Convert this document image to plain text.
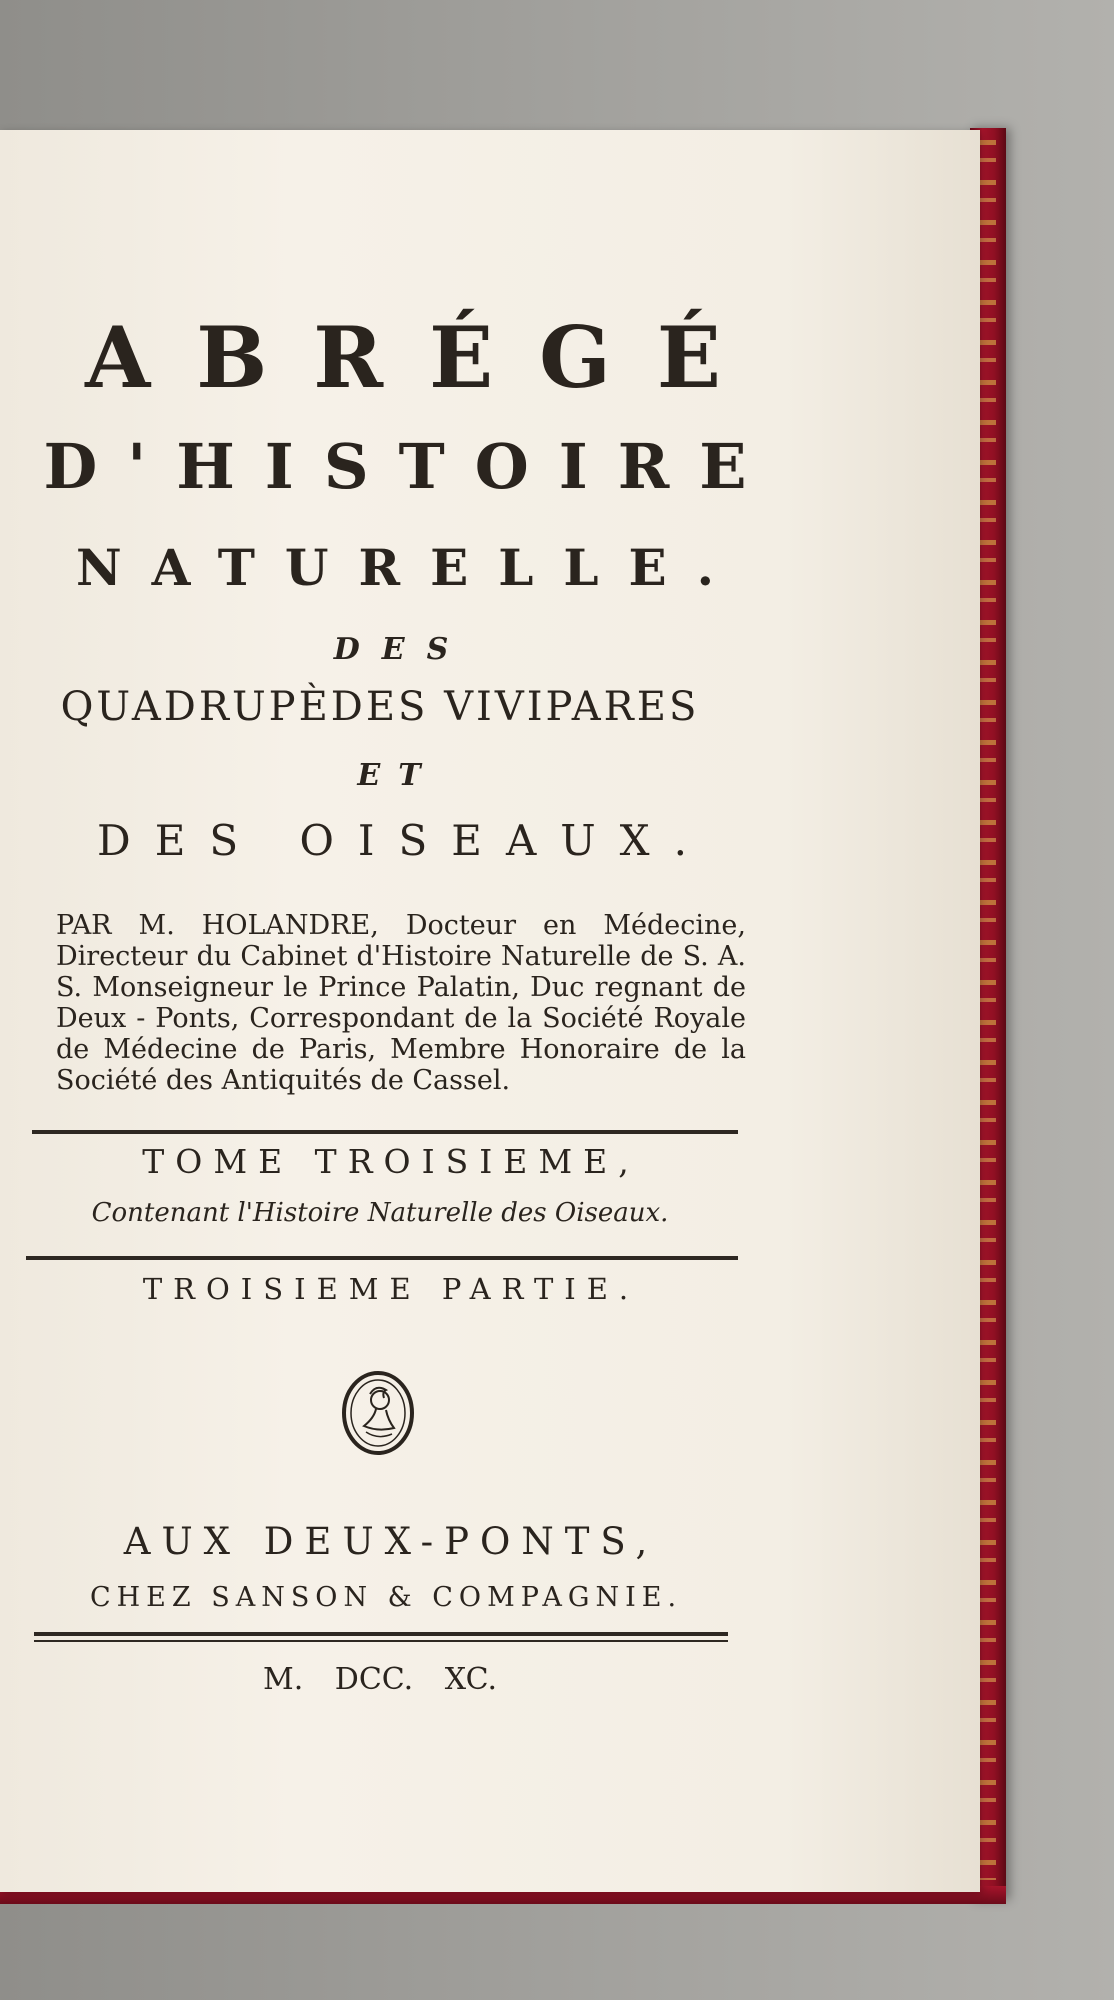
ABRÉGÉ
D'HISTOIRE
NATURELLE.
DES
QUADRUPÈDES VIVIPARES
ET
DES OISEAUX.
PAR M. HOLANDRE, Docteur en Médecine, Directeur du Cabinet d'Histoire Naturelle de S. A. S. Monseigneur le Prince Palatin, Duc regnant de Deux - Ponts, Correspondant de la Société Royale de Médecine de Paris, Membre Honoraire de la Société des Antiquités de Cassel.
TOME TROISIEME,
Contenant l'Histoire Naturelle des Oiseaux.
TROISIEME PARTIE.
AUX DEUX-PONTS,
CHEZ SANSON & COMPAGNIE.
M. DCC. XC.
